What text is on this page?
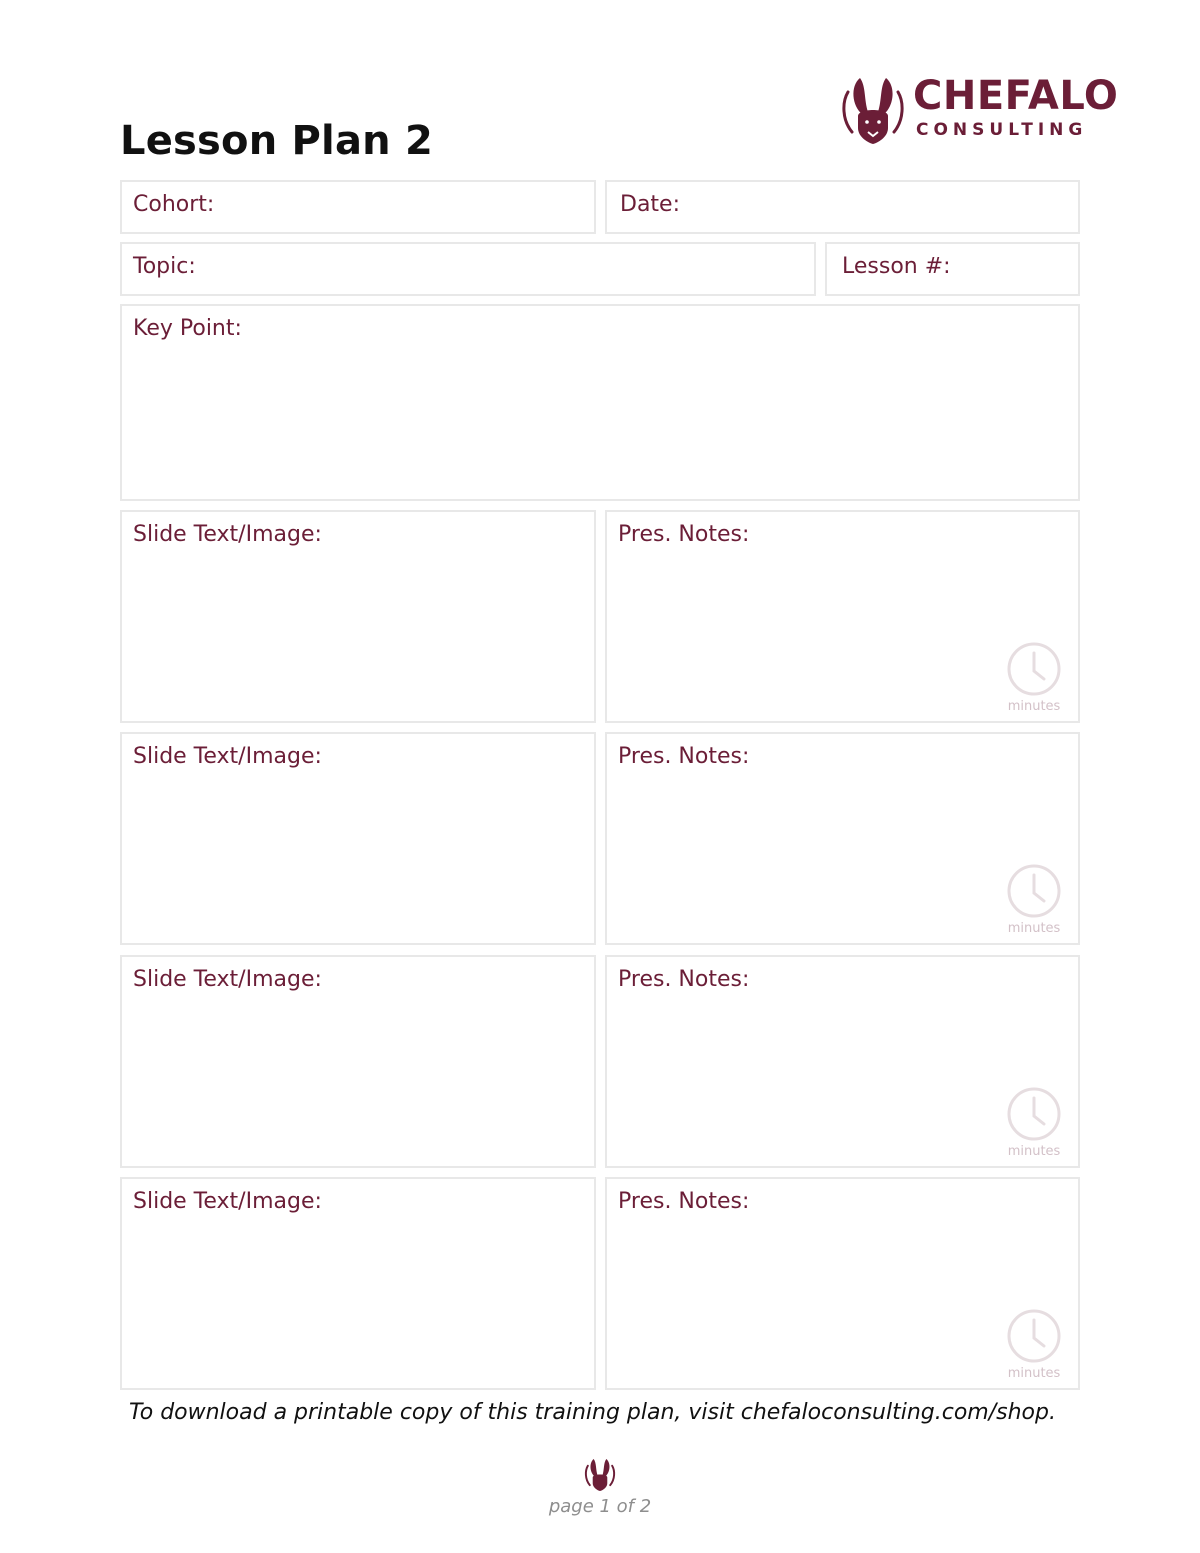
Lesson Plan 2
CHEFALO
CONSULTING
Cohort:	Date:
Topic:	Lesson #:
Key Point:
Slide Text/Image:	Pres. Notes:
minutes
Slide Text/Image:	Pres. Notes:
minutes
Slide Text/Image:	Pres. Notes:
minutes
Slide Text/Image:	Pres. Notes:
minutes
To download a printable copy of this training plan, visit chefaloconsulting.com/shop.
page 1 of 2
